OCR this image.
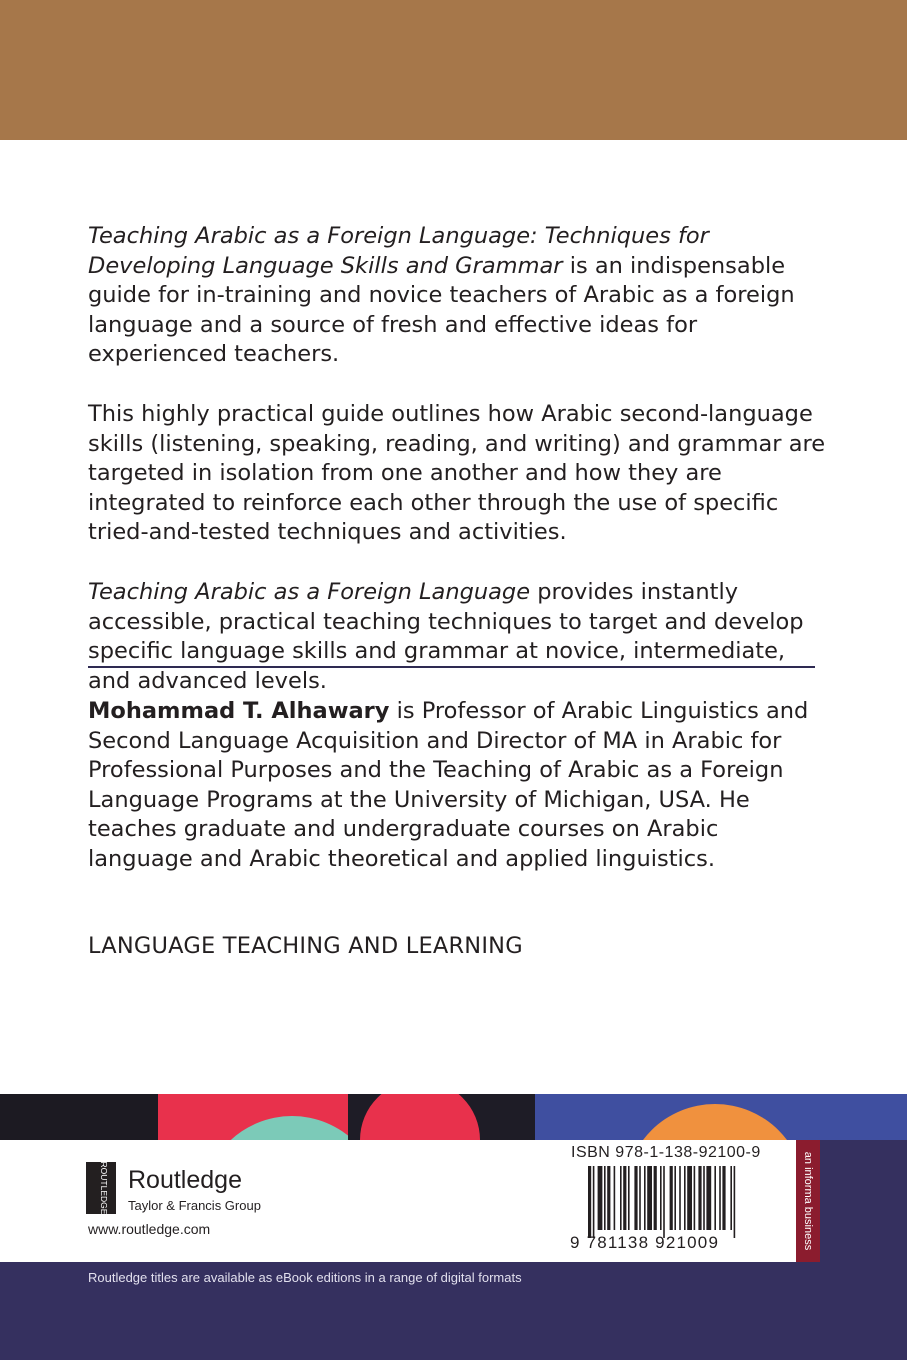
Teaching Arabic as a Foreign Language: Techniques for Developing Language Skills and Grammar is an indispensable guide for in-training and novice teachers of Arabic as a foreign language and a source of fresh and effective ideas for experienced teachers.

This highly practical guide outlines how Arabic second-language skills (listening, speaking, reading, and writing) and grammar are targeted in isolation from one another and how they are integrated to reinforce each other through the use of specific tried-and-tested techniques and activities.

Teaching Arabic as a Foreign Language provides instantly accessible, practical teaching techniques to target and develop specific language skills and grammar at novice, intermediate, and advanced levels.

Mohammad T. Alhawary is Professor of Arabic Linguistics and Second Language Acquisition and Director of MA in Arabic for Professional Purposes and the Teaching of Arabic as a Foreign Language Programs at the University of Michigan, USA. He teaches graduate and undergraduate courses on Arabic language and Arabic theoretical and applied linguistics.

LANGUAGE TEACHING AND LEARNING
an informa business
ROUTLEDGE Routledge
Taylor & Francis Group
www.routledge.com
ISBN 978-1-138-92100-9
9 781138 921009
Routledge titles are available as eBook editions in a range of digital formats
